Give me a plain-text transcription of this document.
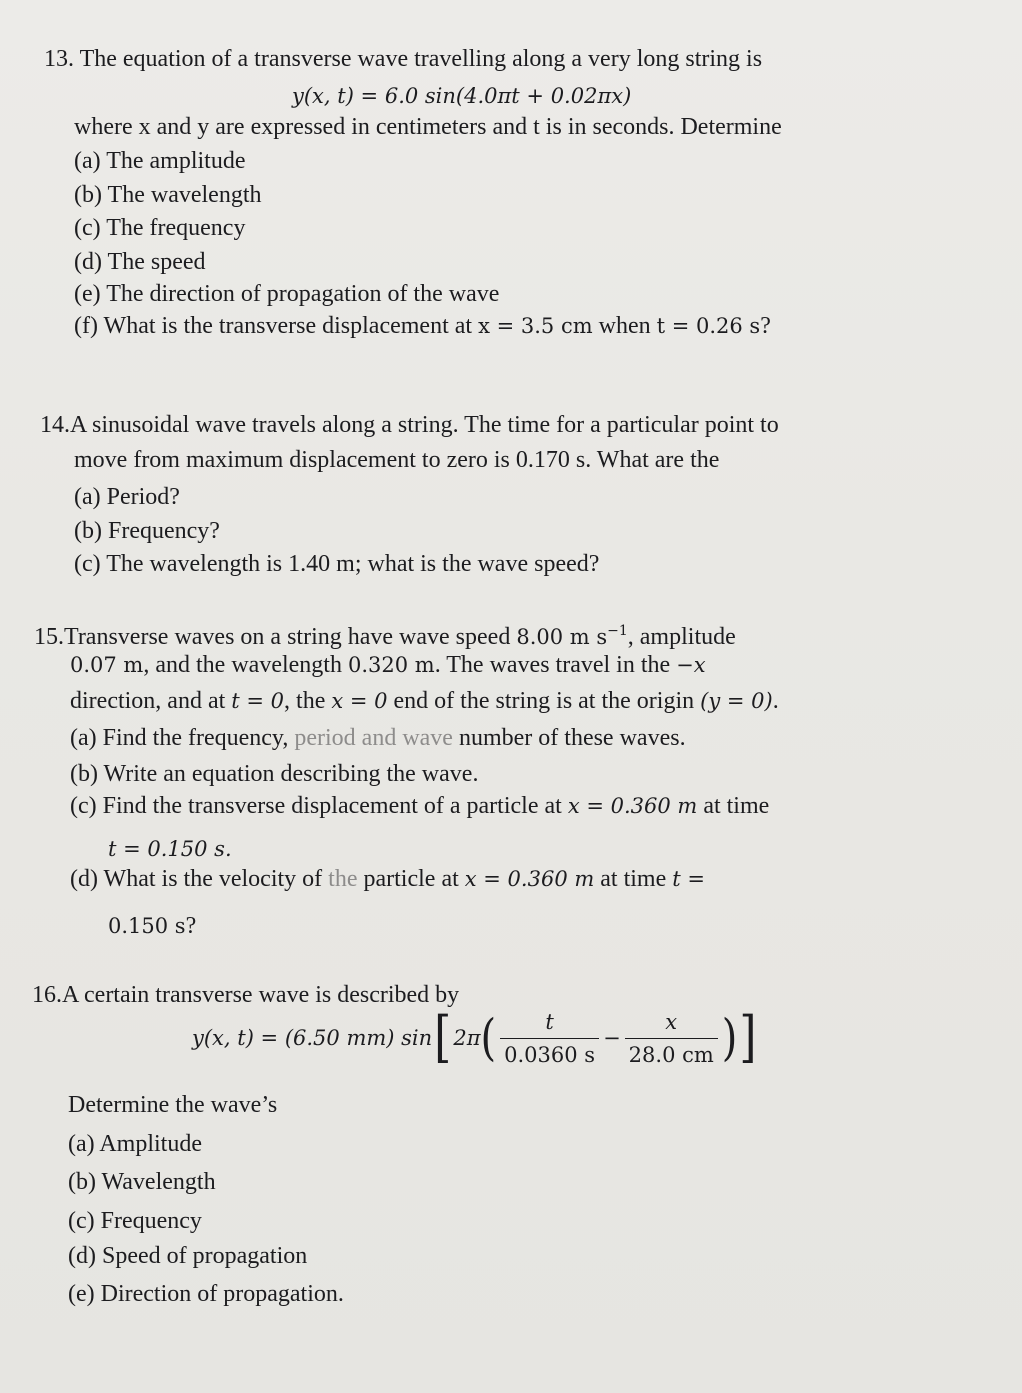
13. The equation of a transverse wave travelling along a very long string is
y(x, t) = 6.0 sin(4.0πt + 0.02πx)
where x and y are expressed in centimeters and t is in seconds. Determine
(a) The amplitude
(b) The wavelength
(c) The frequency
(d) The speed
(e) The direction of propagation of the wave
(f) What is the transverse displacement at x = 3.5 cm when t = 0.26 s?
14.A sinusoidal wave travels along a string. The time for a particular point to
move from maximum displacement to zero is 0.170 s. What are the
(a) Period?
(b) Frequency?
(c) The wavelength is 1.40 m; what is the wave speed?
15.Transverse waves on a string have wave speed 8.00 m $s^{-1}$, amplitude
0.07 m, and the wavelength 0.320 m. The waves travel in the −x
direction, and at t = 0, the x = 0 end of the string is at the origin (y = 0).
(a) Find the frequency, period and wave number of these waves.
(b) Write an equation describing the wave.
(c) Find the transverse displacement of a particle at x = 0.360 m at time
t = 0.150 s.
(d) What is the velocity of the particle at x = 0.360 m at time t =
0.150 s?
16.A certain transverse wave is described by
y(x, t) = (6.50 mm) sin [ 2π ( $\frac{t}{0.0360 s} - \frac{x}{28.0 cm}$ ) ]
Determine the wave’s
(a) Amplitude
(b) Wavelength
(c) Frequency
(d) Speed of propagation
(e) Direction of propagation.
